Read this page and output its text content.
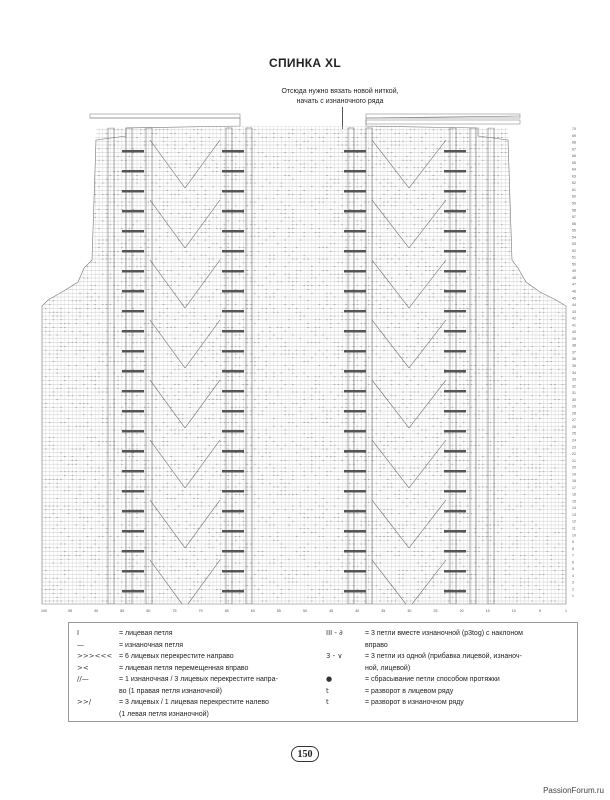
СПИНКА XL
Отсюда нужно вязать новой ниткой,
начать с изнаночного ряда
70
69
68
67
66
65
64
63
62
61
60
59
58
57
56
55
54
53
52
51
50
49
48
47
46
45
44
43
42
41
40
39
38
37
36
35
34
33
32
31
30
29
28
27
26
25
24
23
22
21
20
19
18
17
16
15
14
13
12
11
10
9
8
7
6
5
4
3
2
1
100	95	90	85	80	75	70	65	60	55	50	45	40	35	30	25	20	15	10	5	1
I	= лицевая петля
—	= изнаночная петля
>>><<< = 6 лицевых перекрестите направо
><	= лицевая петля перемещенная вправо
//—	= 1 изнаночная / 3 лицевых перекрестите напра-
во (1 правая петля изнаночной)
>>/	= 3 лицевых / 1 лицевая перекрестите налево
(1 левая петля изнаночной)
III - ∂	= 3 петли вместе изнаночной (p3tog) с наклоном
вправо
3 - ∨	= 3 петли из одной (прибавка лицевой, изнаноч-
ной, лицевой)
●	= сбрасывание петли способом протяжки
t	= разворот в лицевом ряду
t	= разворот в изнаночном ряду
150
PassionForum.ru
